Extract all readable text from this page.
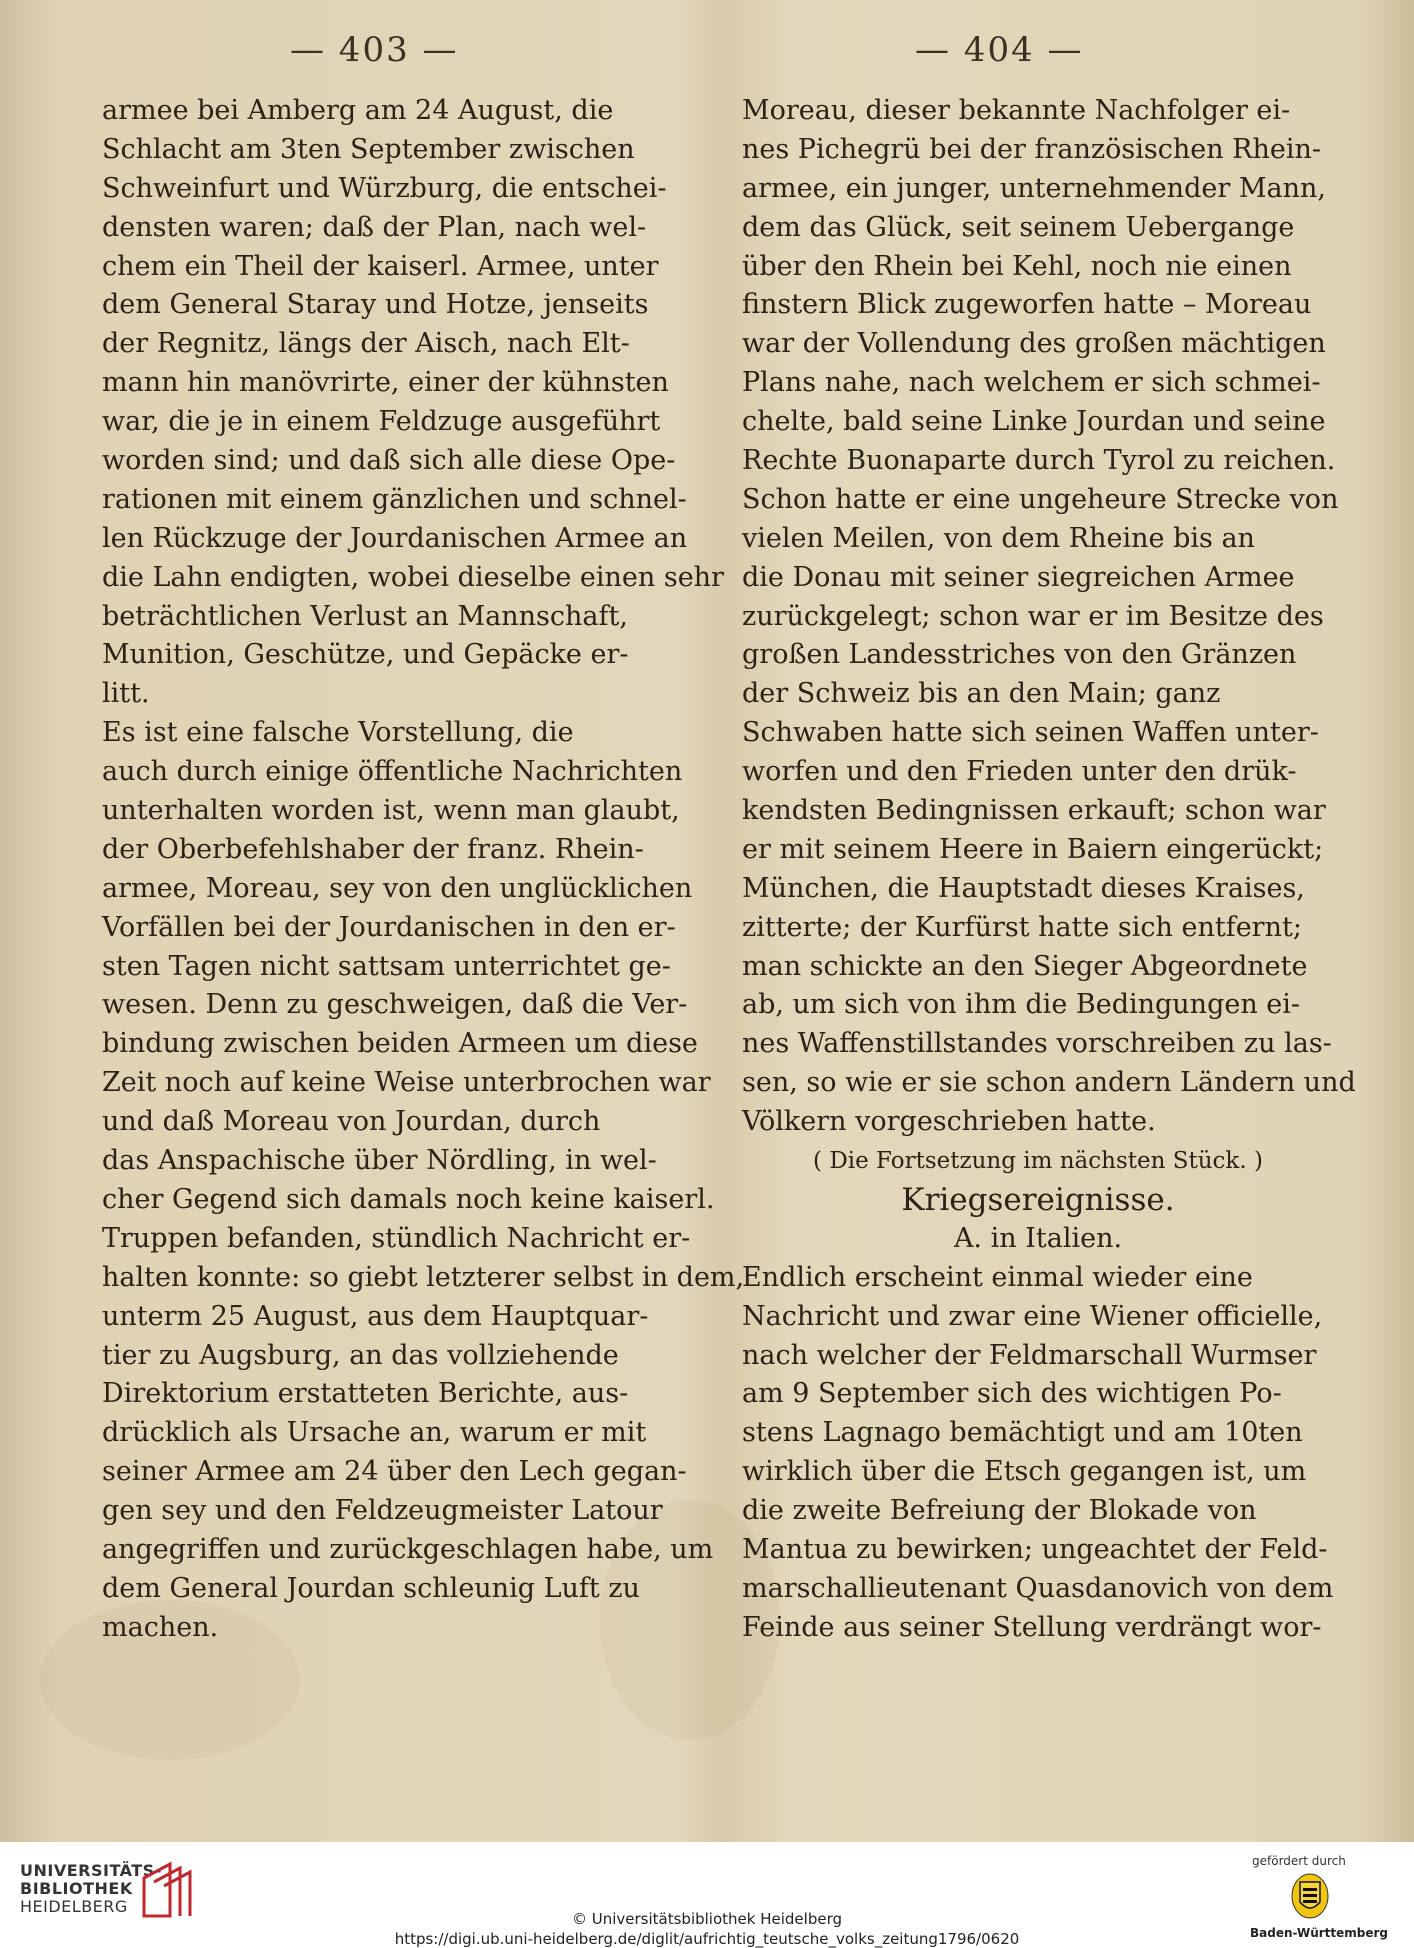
— 403 —	— 404 —
armee bei Amberg am 24 August, die
Schlacht am 3ten September zwischen
Schweinfurt und Würzburg, die entschei-
densten waren; daß der Plan, nach wel-
chem ein Theil der kaiserl. Armee, unter
dem General Staray und Hotze, jenseits
der Regnitz, längs der Aisch, nach Elt-
mann hin manövrirte, einer der kühnsten
war, die je in einem Feldzuge ausgeführt
worden sind; und daß sich alle diese Ope-
rationen mit einem gänzlichen und schnel-
len Rückzuge der Jourdanischen Armee an
die Lahn endigten, wobei dieselbe einen sehr
beträchtlichen Verlust an Mannschaft,
Munition, Geschütze, und Gepäcke er-
litt.
Es ist eine falsche Vorstellung, die
auch durch einige öffentliche Nachrichten
unterhalten worden ist, wenn man glaubt,
der Oberbefehlshaber der franz. Rhein-
armee, Moreau, sey von den unglücklichen
Vorfällen bei der Jourdanischen in den er-
sten Tagen nicht sattsam unterrichtet ge-
wesen. Denn zu geschweigen, daß die Ver-
bindung zwischen beiden Armeen um diese
Zeit noch auf keine Weise unterbrochen war
und daß Moreau von Jourdan, durch
das Anspachische über Nördling, in wel-
cher Gegend sich damals noch keine kaiserl.
Truppen befanden, stündlich Nachricht er-
halten konnte: so giebt letzterer selbst in dem,
unterm 25 August, aus dem Hauptquar-
tier zu Augsburg, an das vollziehende
Direktorium erstatteten Berichte, aus-
drücklich als Ursache an, warum er mit
seiner Armee am 24 über den Lech gegan-
gen sey und den Feldzeugmeister Latour
angegriffen und zurückgeschlagen habe, um
dem General Jourdan schleunig Luft zu
machen.
Moreau, dieser bekannte Nachfolger ei-
nes Pichegrü bei der französischen Rhein-
armee, ein junger, unternehmender Mann,
dem das Glück, seit seinem Uebergange
über den Rhein bei Kehl, noch nie einen
finstern Blick zugeworfen hatte – Moreau
war der Vollendung des großen mächtigen
Plans nahe, nach welchem er sich schmei-
chelte, bald seine Linke Jourdan und seine
Rechte Buonaparte durch Tyrol zu reichen.
Schon hatte er eine ungeheure Strecke von
vielen Meilen, von dem Rheine bis an
die Donau mit seiner siegreichen Armee
zurückgelegt; schon war er im Besitze des
großen Landesstriches von den Gränzen
der Schweiz bis an den Main; ganz
Schwaben hatte sich seinen Waffen unter-
worfen und den Frieden unter den drük-
kendsten Bedingnissen erkauft; schon war
er mit seinem Heere in Baiern eingerückt;
München, die Hauptstadt dieses Kraises,
zitterte; der Kurfürst hatte sich entfernt;
man schickte an den Sieger Abgeordnete
ab, um sich von ihm die Bedingungen ei-
nes Waffenstillstandes vorschreiben zu las-
sen, so wie er sie schon andern Ländern und
Völkern vorgeschrieben hatte.
( Die Fortsetzung im nächsten Stück. )
Kriegsereignisse.
A. in Italien.
Endlich erscheint einmal wieder eine
Nachricht und zwar eine Wiener officielle,
nach welcher der Feldmarschall Wurmser
am 9 September sich des wichtigen Po-
stens Lagnago bemächtigt und am 10ten
wirklich über die Etsch gegangen ist, um
die zweite Befreiung der Blokade von
Mantua zu bewirken; ungeachtet der Feld-
marschallieutenant Quasdanovich von dem
Feinde aus seiner Stellung verdrängt wor-
UNIVERSITÄTS-
BIBLIOTHEK
HEIDELBERG
© Universitätsbibliothek Heidelberg
https://digi.ub.uni-heidelberg.de/diglit/aufrichtig_teutsche_volks_zeitung1796/0620
gefördert durch
Baden-Württemberg
